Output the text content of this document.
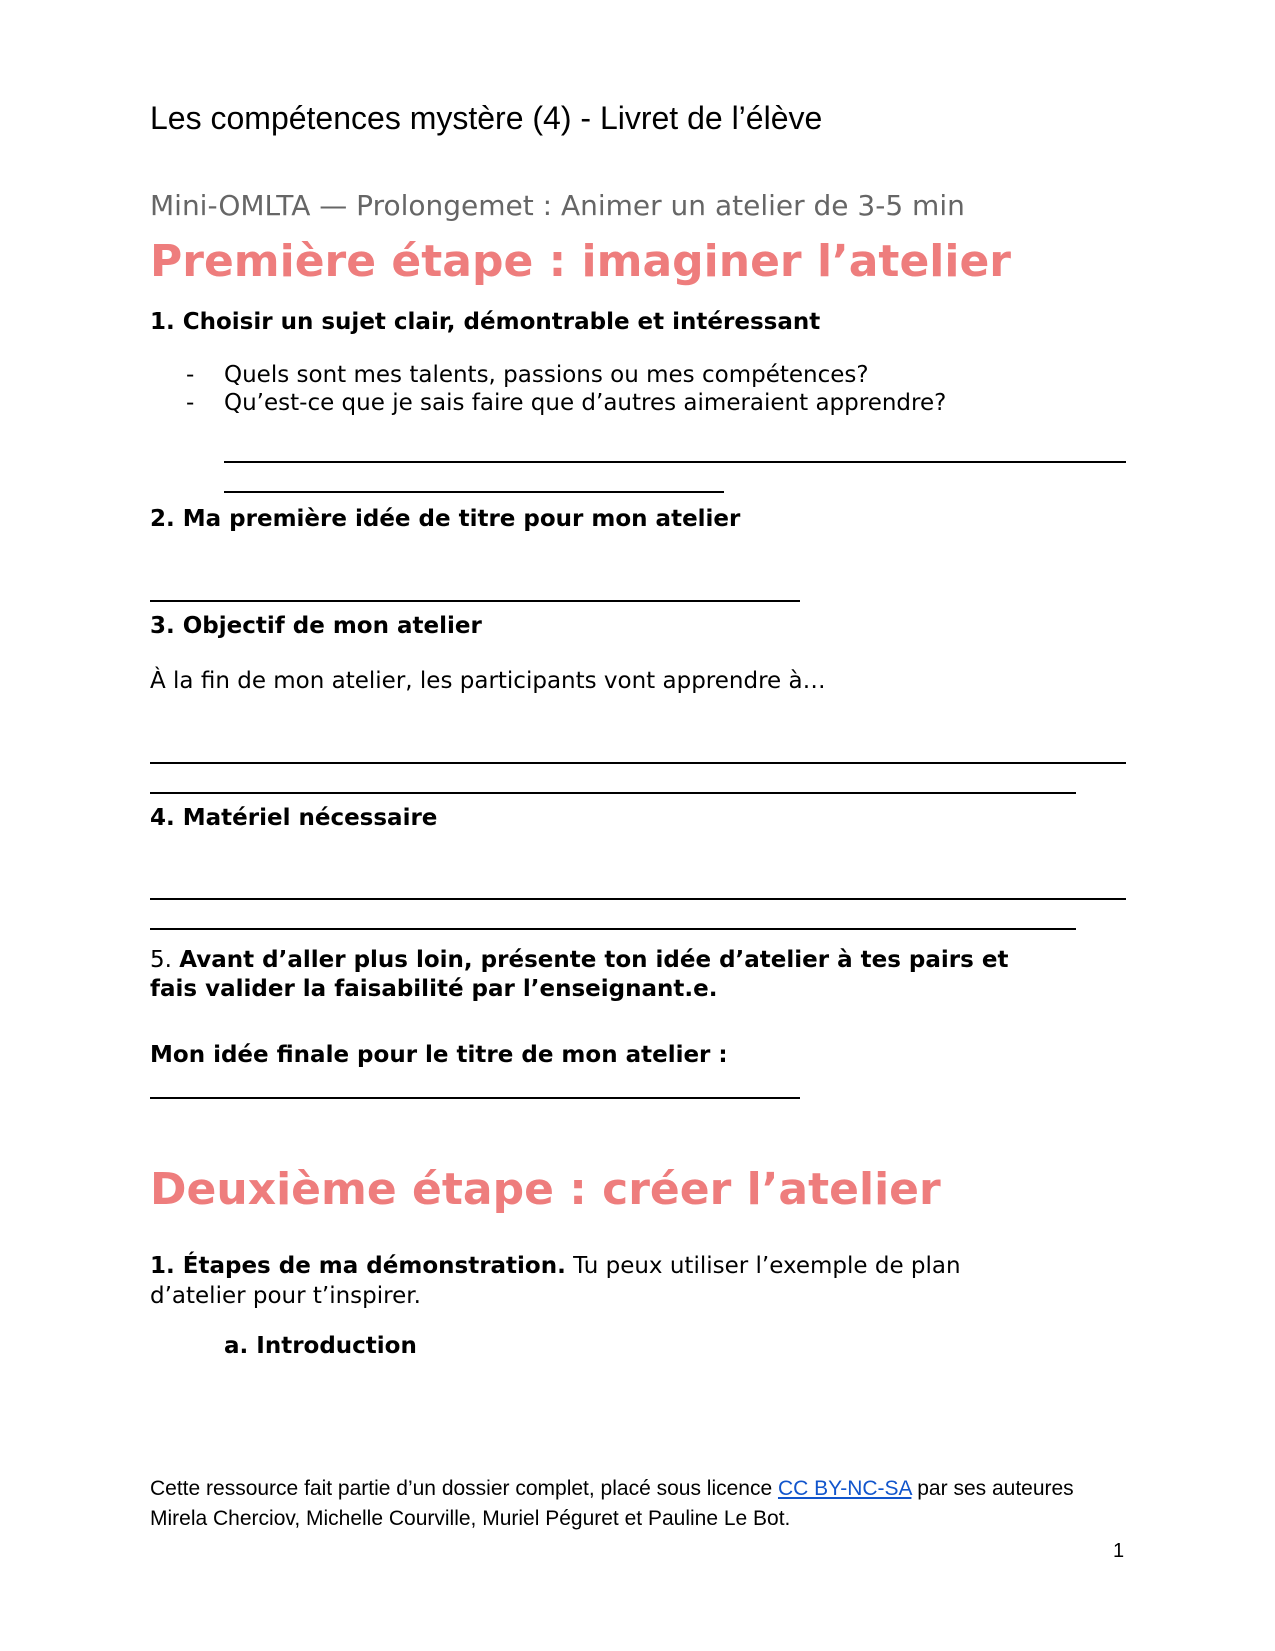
Les compétences mystère (4) - Livret de l’élève
Mini-OMLTA — Prolongemet : Animer un atelier de 3-5 min
Première étape : imaginer l’atelier
1. Choisir un sujet clair, démontrable et intéressant
- Quels sont mes talents, passions ou mes compétences?
- Qu’est-ce que je sais faire que d’autres aimeraient apprendre?
2. Ma première idée de titre pour mon atelier
3. Objectif de mon atelier
À la fin de mon atelier, les participants vont apprendre à…
4. Matériel nécessaire
5. Avant d’aller plus loin, présente ton idée d’atelier à tes pairs et
fais valider la faisabilité par l’enseignant.e.
Mon idée finale pour le titre de mon atelier :
Deuxième étape : créer l’atelier
1. Étapes de ma démonstration. Tu peux utiliser l’exemple de plan
d’atelier pour t’inspirer.
a. Introduction
Cette ressource fait partie d’un dossier complet, placé sous licence CC BY-NC-SA par ses auteures
Mirela Cherciov, Michelle Courville, Muriel Péguret et Pauline Le Bot.
1
